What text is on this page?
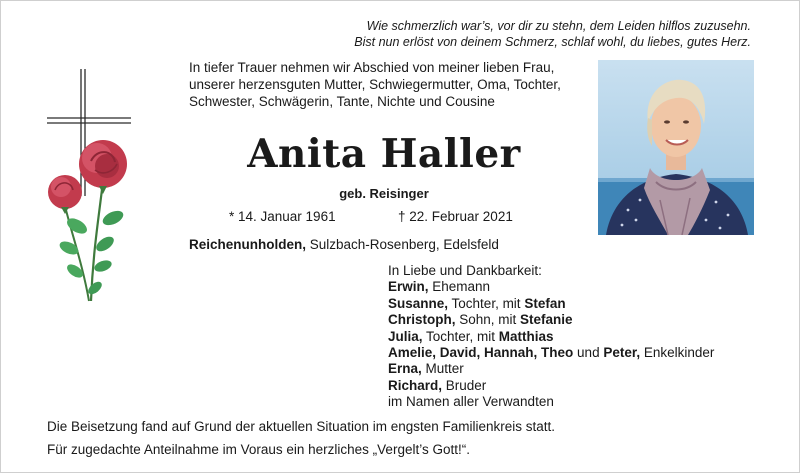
Wie schmerzlich war’s, vor dir zu stehn, dem Leiden hilflos zuzusehn.
Bist nun erlöst von deinem Schmerz, schlaf wohl, du liebes, gutes Herz.
In tiefer Trauer nehmen wir Abschied von meiner lieben Frau, unserer herzensguten Mutter, Schwiegermutter, Oma, Tochter, Schwester, Schwägerin, Tante, Nichte und Cousine
Anita Haller
geb. Reisinger
* 14. Januar 1961	† 22. Februar 2021
Reichenunholden, Sulzbach-Rosenberg, Edelsfeld
In Liebe und Dankbarkeit:
Erwin, Ehemann
Susanne, Tochter, mit Stefan
Christoph, Sohn, mit Stefanie
Julia, Tochter, mit Matthias
Amelie, David, Hannah, Theo und Peter, Enkelkinder
Erna, Mutter
Richard, Bruder
im Namen aller Verwandten
Die Beisetzung fand auf Grund der aktuellen Situation im engsten Familienkreis statt.
Für zugedachte Anteilnahme im Voraus ein herzliches „Vergelt’s Gott!“.
